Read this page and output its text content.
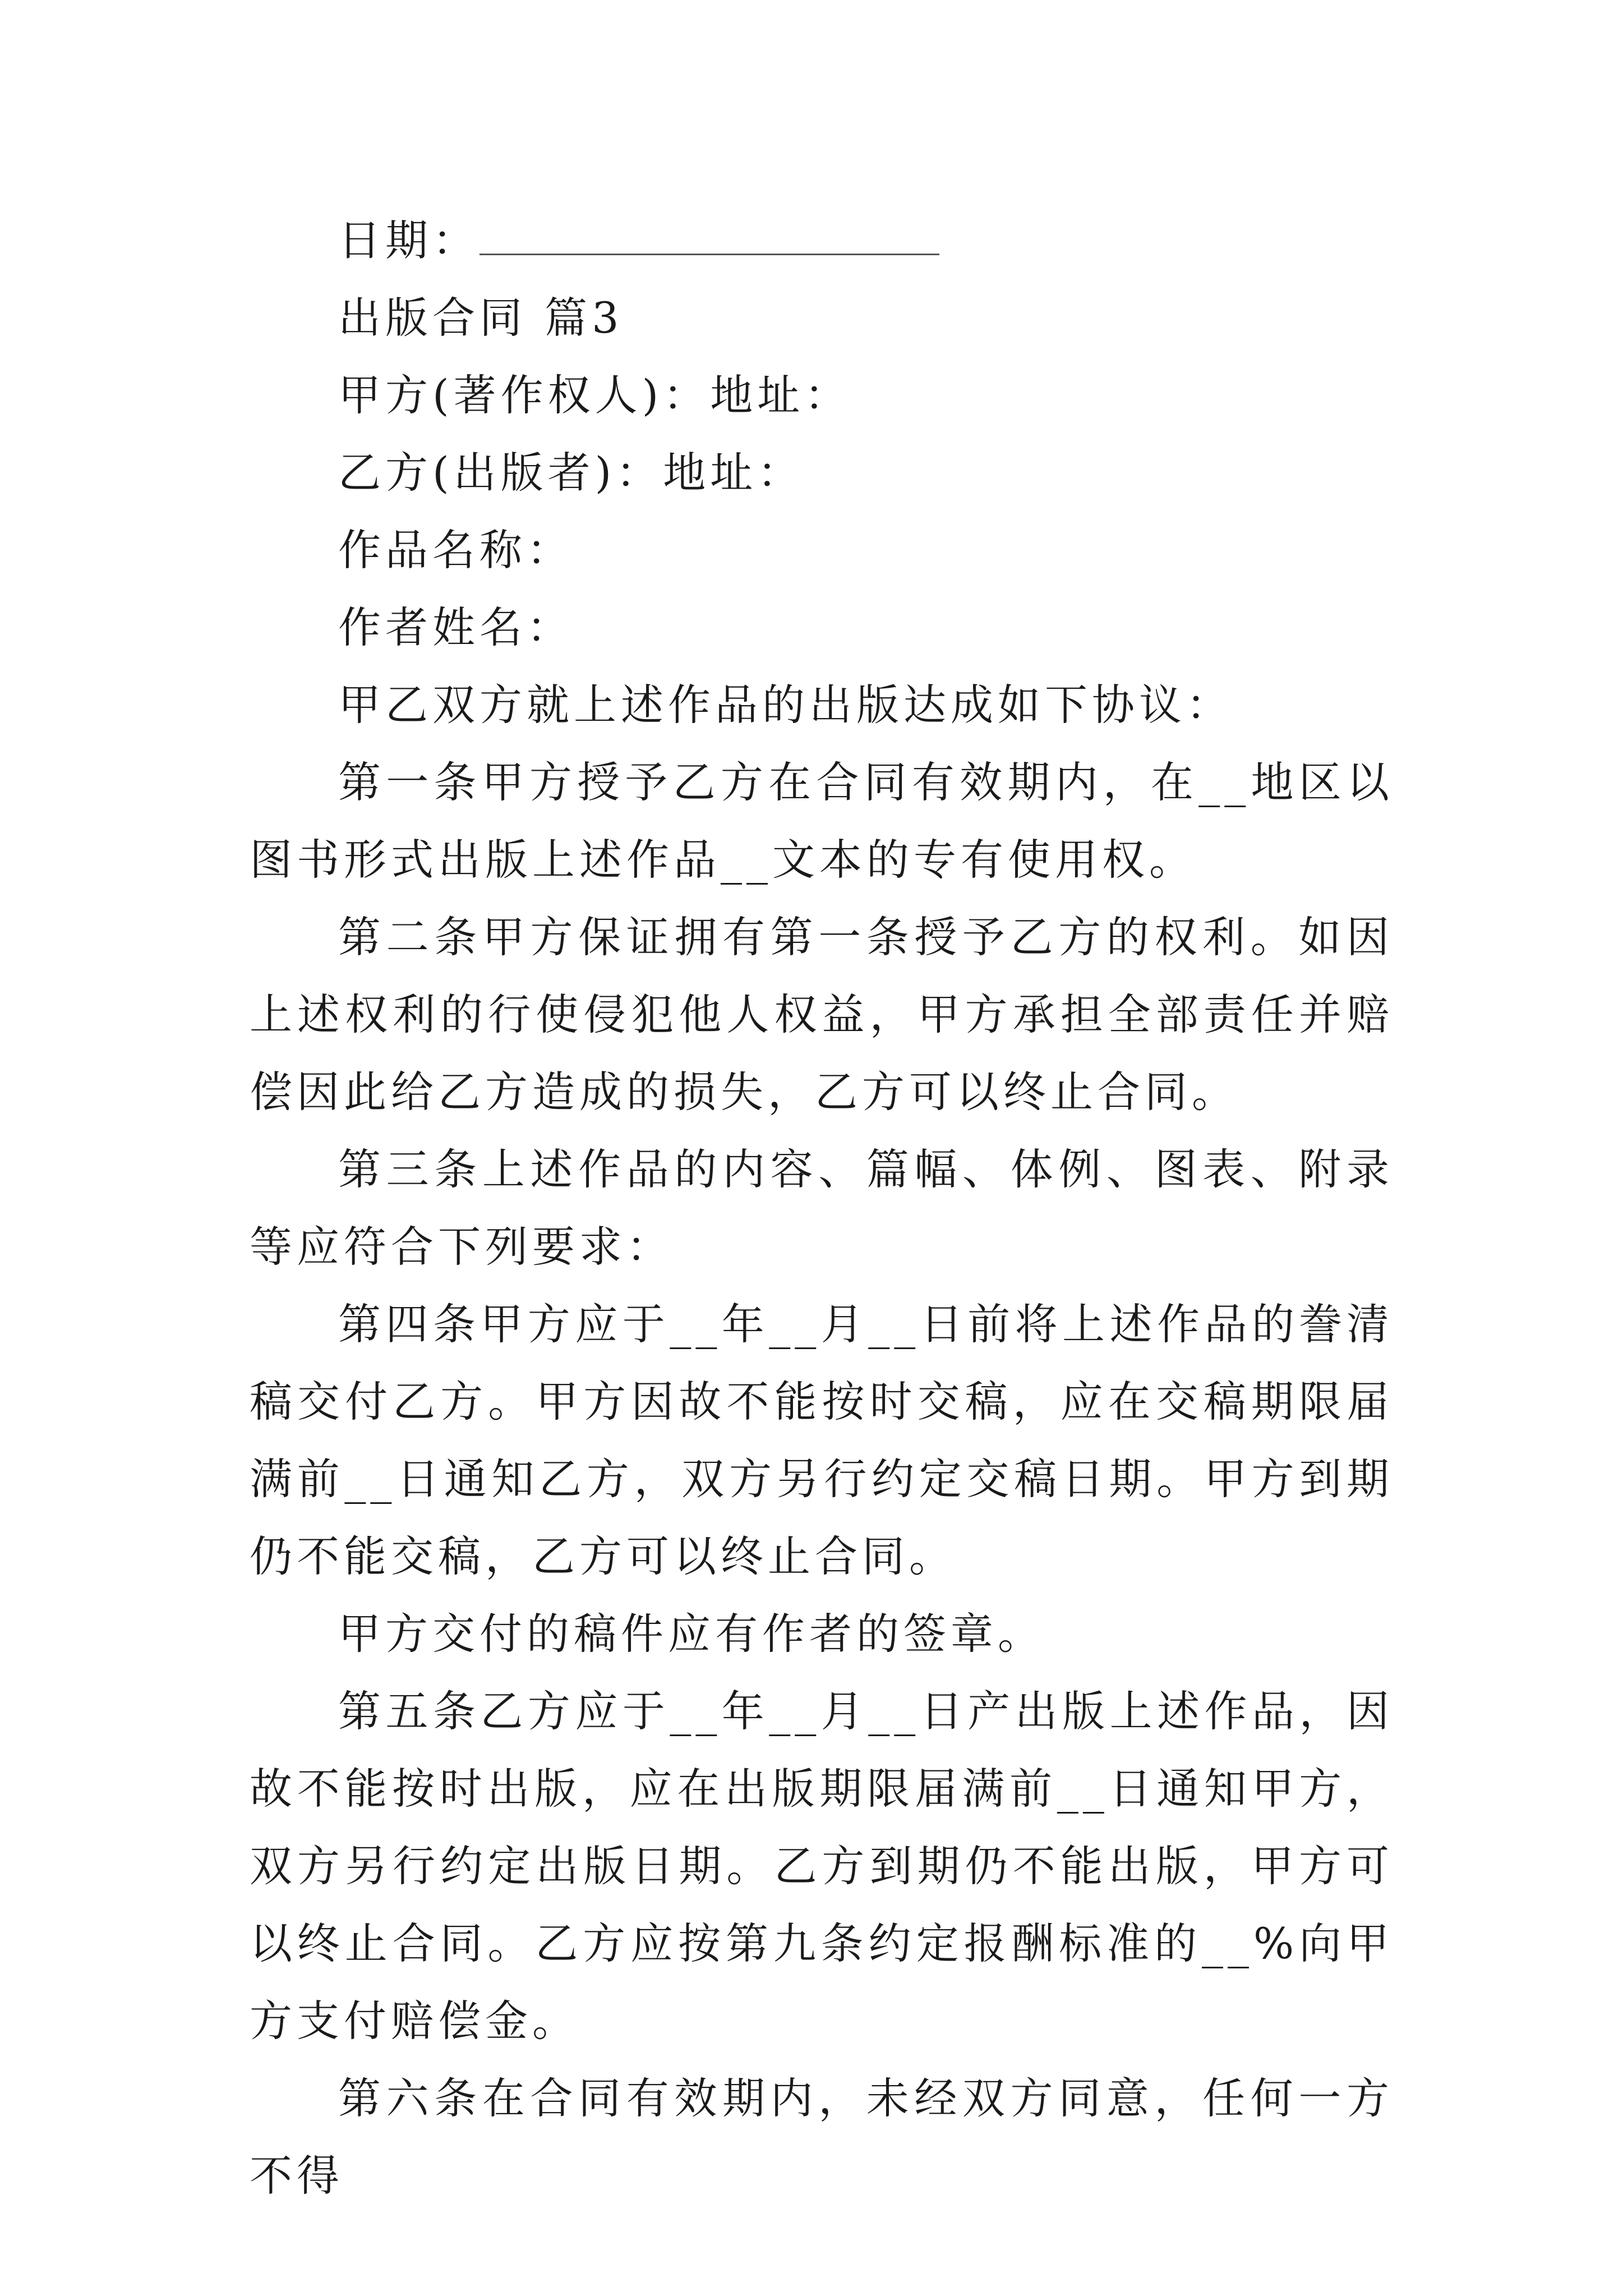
日期：

出版合同 篇3

甲方(著作权人)：地址：

乙方(出版者)：地址：

作品名称：

作者姓名：

甲乙双方就上述作品的出版达成如下协议：

第一条甲方授予乙方在合同有效期内，在__地区以图书形式出版上述作品__文本的专有使用权。

第二条甲方保证拥有第一条授予乙方的权利。如因上述权利的行使侵犯他人权益，甲方承担全部责任并赔偿因此给乙方造成的损失，乙方可以终止合同。

第三条上述作品的内容、篇幅、体例、图表、附录等应符合下列要求：

第四条甲方应于__年__月__日前将上述作品的誊清稿交付乙方。甲方因故不能按时交稿，应在交稿期限届满前__日通知乙方，双方另行约定交稿日期。甲方到期仍不能交稿，乙方可以终止合同。

甲方交付的稿件应有作者的签章。

第五条乙方应于__年__月__日产出版上述作品，因故不能按时出版，应在出版期限届满前__日通知甲方，双方另行约定出版日期。乙方到期仍不能出版，甲方可以终止合同。乙方应按第九条约定报酬标准的__%向甲方支付赔偿金。

第六条在合同有效期内，未经双方同意，任何一方不得
